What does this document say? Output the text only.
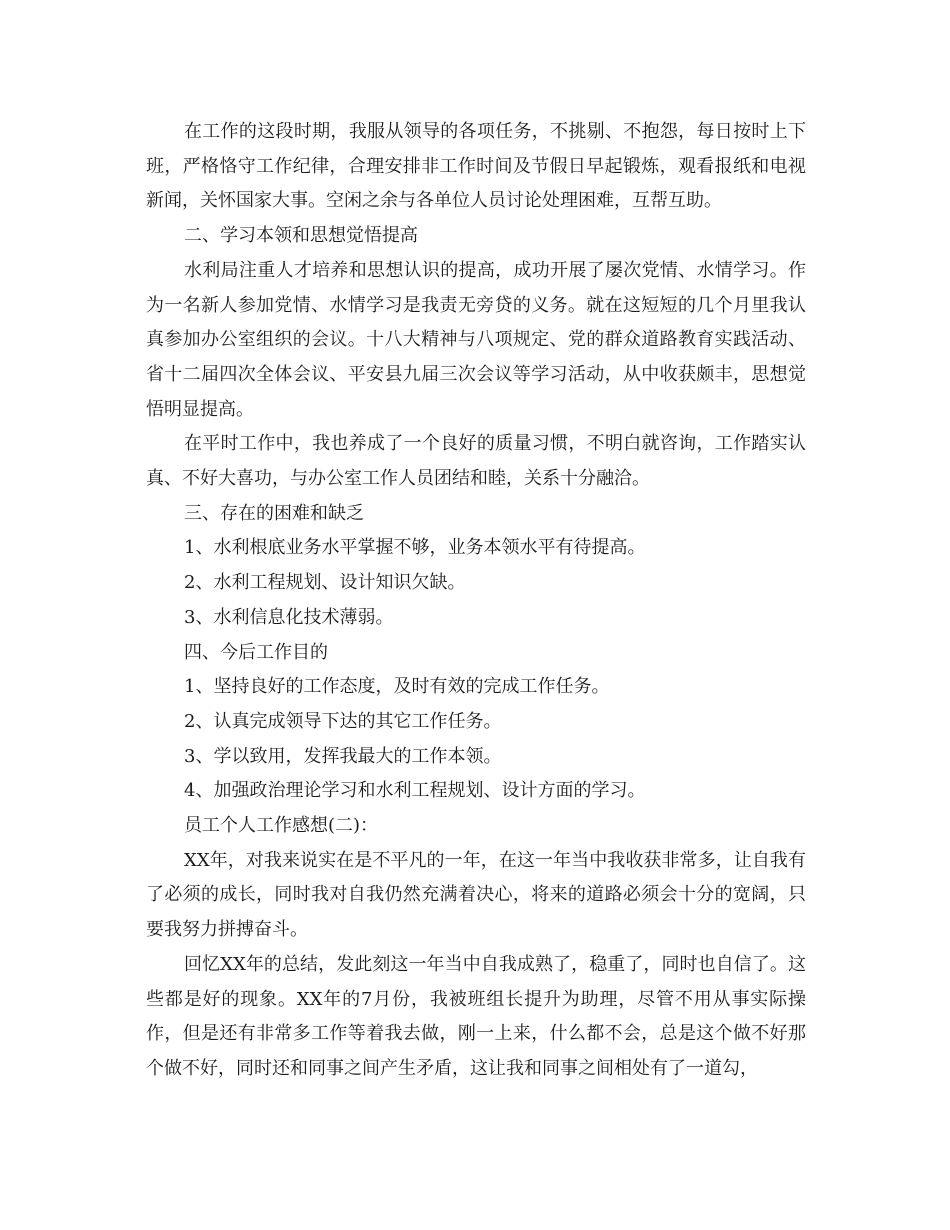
在工作的这段时期，我服从领导的各项任务，不挑剔、不抱怨，每日按时上下班，严格恪守工作纪律，合理安排非工作时间及节假日早起锻炼，观看报纸和电视新闻，关怀国家大事。空闲之余与各单位人员讨论处理困难，互帮互助。

二、学习本领和思想觉悟提高

水利局注重人才培养和思想认识的提高，成功开展了屡次党情、水情学习。作为一名新人参加党情、水情学习是我责无旁贷的义务。就在这短短的几个月里我认真参加办公室组织的会议。十八大精神与八项规定、党的群众道路教育实践活动、省十二届四次全体会议、平安县九届三次会议等学习活动，从中收获颇丰，思想觉悟明显提高。

在平时工作中，我也养成了一个良好的质量习惯，不明白就咨询，工作踏实认真、不好大喜功，与办公室工作人员团结和睦，关系十分融洽。

三、存在的困难和缺乏

1、水利根底业务水平掌握不够，业务本领水平有待提高。

2、水利工程规划、设计知识欠缺。

3、水利信息化技术薄弱。

四、今后工作目的

1、坚持良好的工作态度，及时有效的完成工作任务。

2、认真完成领导下达的其它工作任务。

3、学以致用，发挥我最大的工作本领。

4、加强政治理论学习和水利工程规划、设计方面的学习。

员工个人工作感想(二)：

XX年，对我来说实在是不平凡的一年，在这一年当中我收获非常多，让自我有了必须的成长，同时我对自我仍然充满着决心，将来的道路必须会十分的宽阔，只要我努力拼搏奋斗。

回忆XX年的总结，发此刻这一年当中自我成熟了，稳重了，同时也自信了。这些都是好的现象。XX年的7月份，我被班组长提升为助理，尽管不用从事实际操作，但是还有非常多工作等着我去做，刚一上来，什么都不会，总是这个做不好那个做不好，同时还和同事之间产生矛盾，这让我和同事之间相处有了一道勾，
